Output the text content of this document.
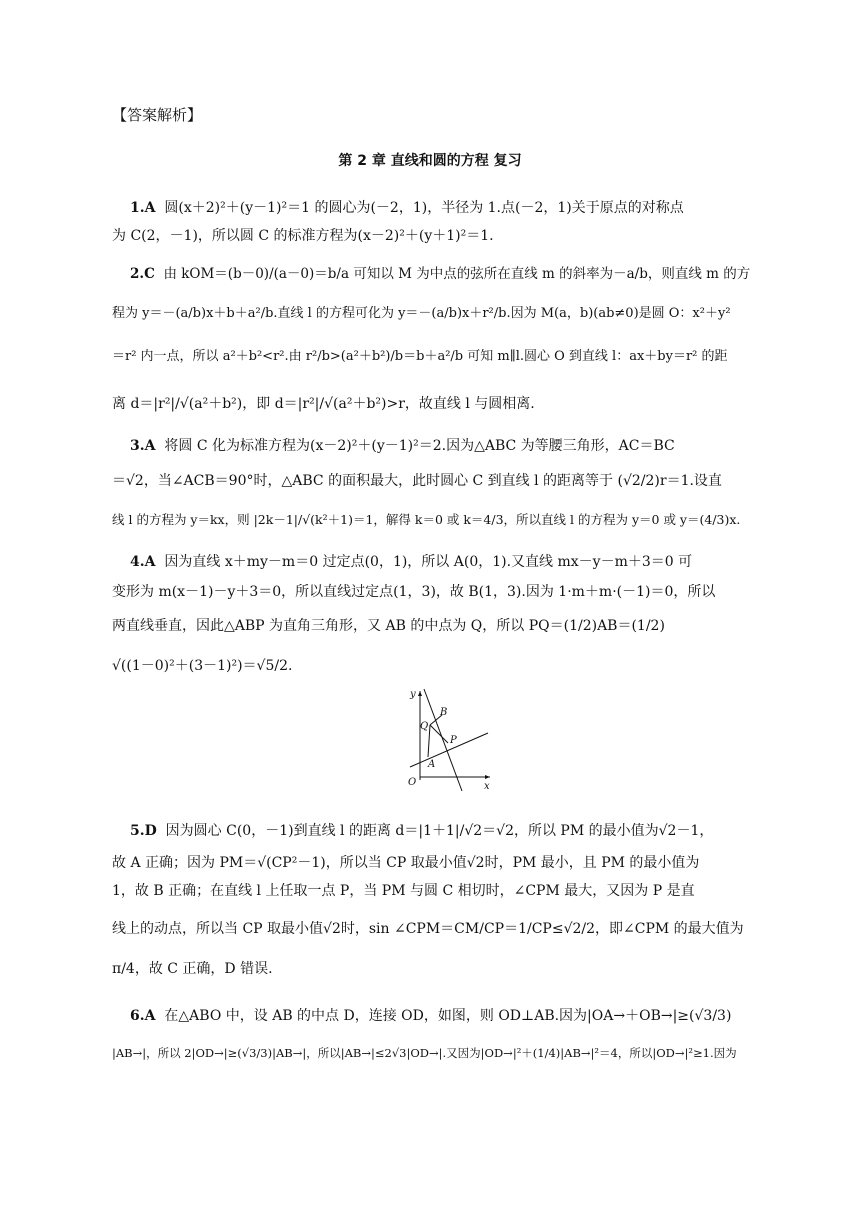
【答案解析】
第 2 章 直线和圆的方程 复习
1.A 圆(x＋2)²＋(y－1)²＝1 的圆心为(－2，1)，半径为 1.点(－2，1)关于原点的对称点
为 C(2，－1)，所以圆 C 的标准方程为(x－2)²＋(y＋1)²＝1.
2.C 由 kOM＝(b－0)/(a－0)＝b/a 可知以 M 为中点的弦所在直线 m 的斜率为－a/b，则直线 m 的方
程为 y＝－(a/b)x＋b＋a²/b.直线 l 的方程可化为 y＝－(a/b)x＋r²/b.因为 M(a，b)(ab≠0)是圆 O：x²＋y²
＝r² 内一点，所以 a²＋b²<r².由 r²/b>(a²＋b²)/b＝b＋a²/b 可知 m∥l.圆心 O 到直线 l：ax＋by＝r² 的距
离 d＝|r²|/√(a²＋b²)，即 d＝|r²|/√(a²＋b²)>r，故直线 l 与圆相离.
3.A 将圆 C 化为标准方程为(x－2)²＋(y－1)²＝2.因为△ABC 为等腰三角形，AC＝BC
＝√2，当∠ACB＝90°时，△ABC 的面积最大，此时圆心 C 到直线 l 的距离等于 (√2/2)r＝1.设直
线 l 的方程为 y＝kx，则 |2k－1|/√(k²＋1)＝1，解得 k＝0 或 k＝4/3，所以直线 l 的方程为 y＝0 或 y＝(4/3)x.
4.A 因为直线 x＋my－m＝0 过定点(0，1)，所以 A(0，1).又直线 mx－y－m＋3＝0 可
变形为 m(x－1)－y＋3＝0，所以直线过定点(1，3)，故 B(1，3).因为 1·m＋m·(－1)＝0，所以
两直线垂直，因此△ABP 为直角三角形，又 AB 的中点为 Q，所以 PQ＝(1/2)AB＝(1/2)
√((1－0)²＋(3－1)²)＝√5/2.
y
B
Q
P
A
O	x
5.D 因为圆心 C(0，－1)到直线 l 的距离 d＝|1＋1|/√2＝√2，所以 PM 的最小值为√2－1，
故 A 正确；因为 PM＝√(CP²－1)，所以当 CP 取最小值√2时，PM 最小，且 PM 的最小值为
1，故 B 正确；在直线 l 上任取一点 P，当 PM 与圆 C 相切时，∠CPM 最大，又因为 P 是直
线上的动点，所以当 CP 取最小值√2时，sin ∠CPM＝CM/CP＝1/CP≤√2/2，即∠CPM 的最大值为
π/4，故 C 正确，D 错误.
6.A 在△ABO 中，设 AB 的中点 D，连接 OD，如图，则 OD⊥AB.因为|OA→＋OB→|≥(√3/3)
|AB→|，所以 2|OD→|≥(√3/3)|AB→|，所以|AB→|≤2√3|OD→|.又因为|OD→|²＋(1/4)|AB→|²＝4，所以|OD→|²≥1.因为
